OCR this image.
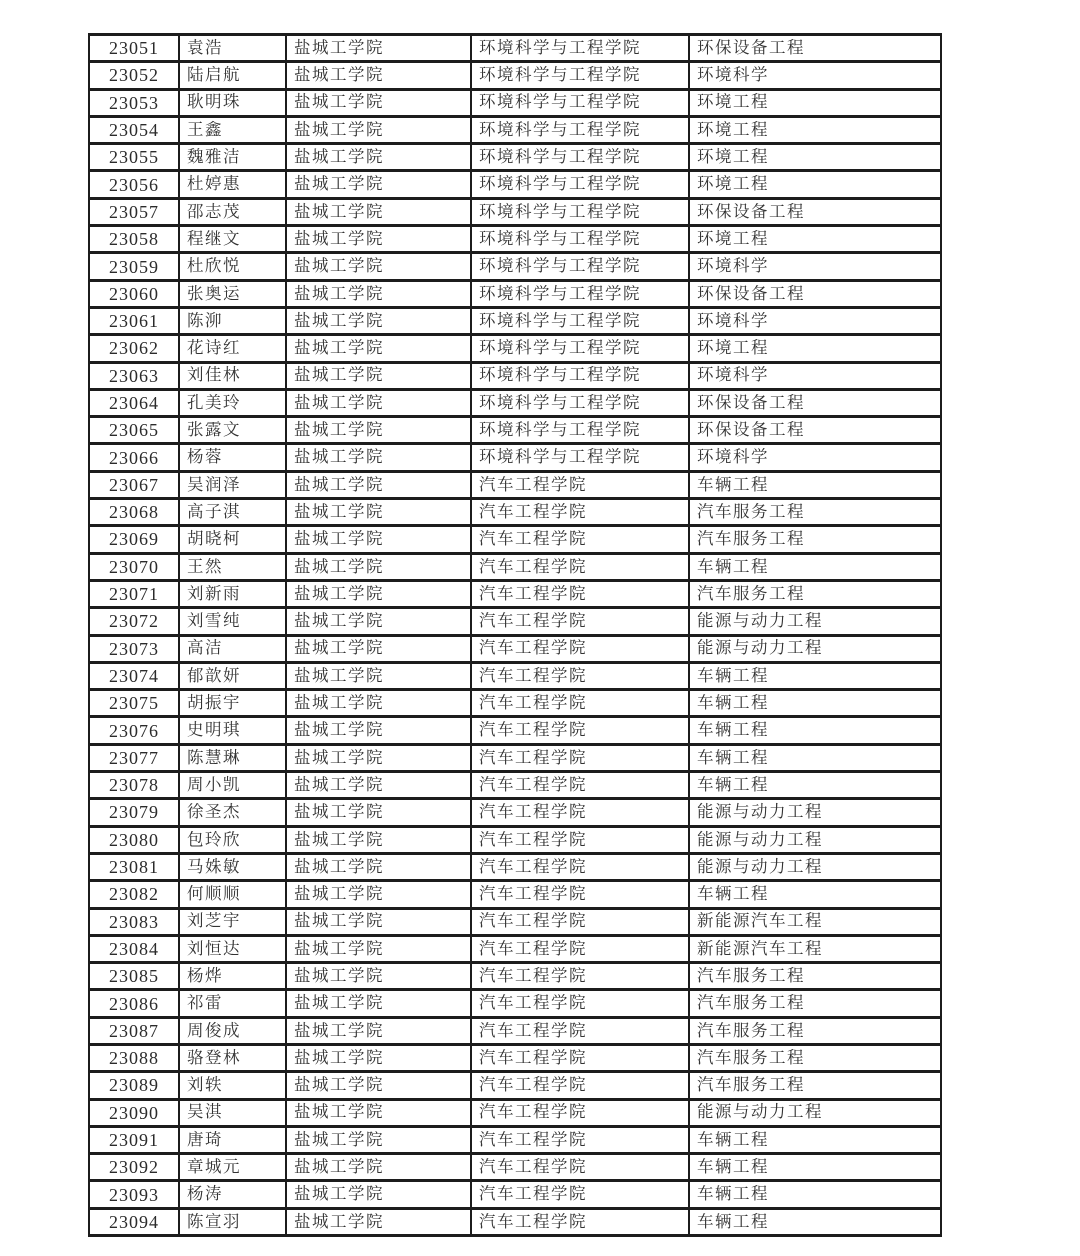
23051	袁浩	盐城工学院	环境科学与工程学院	环保设备工程
23052	陆启航	盐城工学院	环境科学与工程学院	环境科学
23053	耿明珠	盐城工学院	环境科学与工程学院	环境工程
23054	王鑫	盐城工学院	环境科学与工程学院	环境工程
23055	魏雅洁	盐城工学院	环境科学与工程学院	环境工程
23056	杜婷惠	盐城工学院	环境科学与工程学院	环境工程
23057	邵志茂	盐城工学院	环境科学与工程学院	环保设备工程
23058	程继文	盐城工学院	环境科学与工程学院	环境工程
23059	杜欣悦	盐城工学院	环境科学与工程学院	环境科学
23060	张奥运	盐城工学院	环境科学与工程学院	环保设备工程
23061	陈泖	盐城工学院	环境科学与工程学院	环境科学
23062	花诗红	盐城工学院	环境科学与工程学院	环境工程
23063	刘佳林	盐城工学院	环境科学与工程学院	环境科学
23064	孔美玲	盐城工学院	环境科学与工程学院	环保设备工程
23065	张露文	盐城工学院	环境科学与工程学院	环保设备工程
23066	杨蓉	盐城工学院	环境科学与工程学院	环境科学
23067	吴润泽	盐城工学院	汽车工程学院	车辆工程
23068	高子淇	盐城工学院	汽车工程学院	汽车服务工程
23069	胡晓柯	盐城工学院	汽车工程学院	汽车服务工程
23070	王然	盐城工学院	汽车工程学院	车辆工程
23071	刘新雨	盐城工学院	汽车工程学院	汽车服务工程
23072	刘雪纯	盐城工学院	汽车工程学院	能源与动力工程
23073	高洁	盐城工学院	汽车工程学院	能源与动力工程
23074	郁歆妍	盐城工学院	汽车工程学院	车辆工程
23075	胡振宇	盐城工学院	汽车工程学院	车辆工程
23076	史明琪	盐城工学院	汽车工程学院	车辆工程
23077	陈慧琳	盐城工学院	汽车工程学院	车辆工程
23078	周小凯	盐城工学院	汽车工程学院	车辆工程
23079	徐圣杰	盐城工学院	汽车工程学院	能源与动力工程
23080	包玲欣	盐城工学院	汽车工程学院	能源与动力工程
23081	马姝敏	盐城工学院	汽车工程学院	能源与动力工程
23082	何顺顺	盐城工学院	汽车工程学院	车辆工程
23083	刘芝宇	盐城工学院	汽车工程学院	新能源汽车工程
23084	刘恒达	盐城工学院	汽车工程学院	新能源汽车工程
23085	杨烨	盐城工学院	汽车工程学院	汽车服务工程
23086	祁雷	盐城工学院	汽车工程学院	汽车服务工程
23087	周俊成	盐城工学院	汽车工程学院	汽车服务工程
23088	骆登林	盐城工学院	汽车工程学院	汽车服务工程
23089	刘轶	盐城工学院	汽车工程学院	汽车服务工程
23090	吴淇	盐城工学院	汽车工程学院	能源与动力工程
23091	唐琦	盐城工学院	汽车工程学院	车辆工程
23092	章城元	盐城工学院	汽车工程学院	车辆工程
23093	杨涛	盐城工学院	汽车工程学院	车辆工程
23094	陈宣羽	盐城工学院	汽车工程学院	车辆工程
